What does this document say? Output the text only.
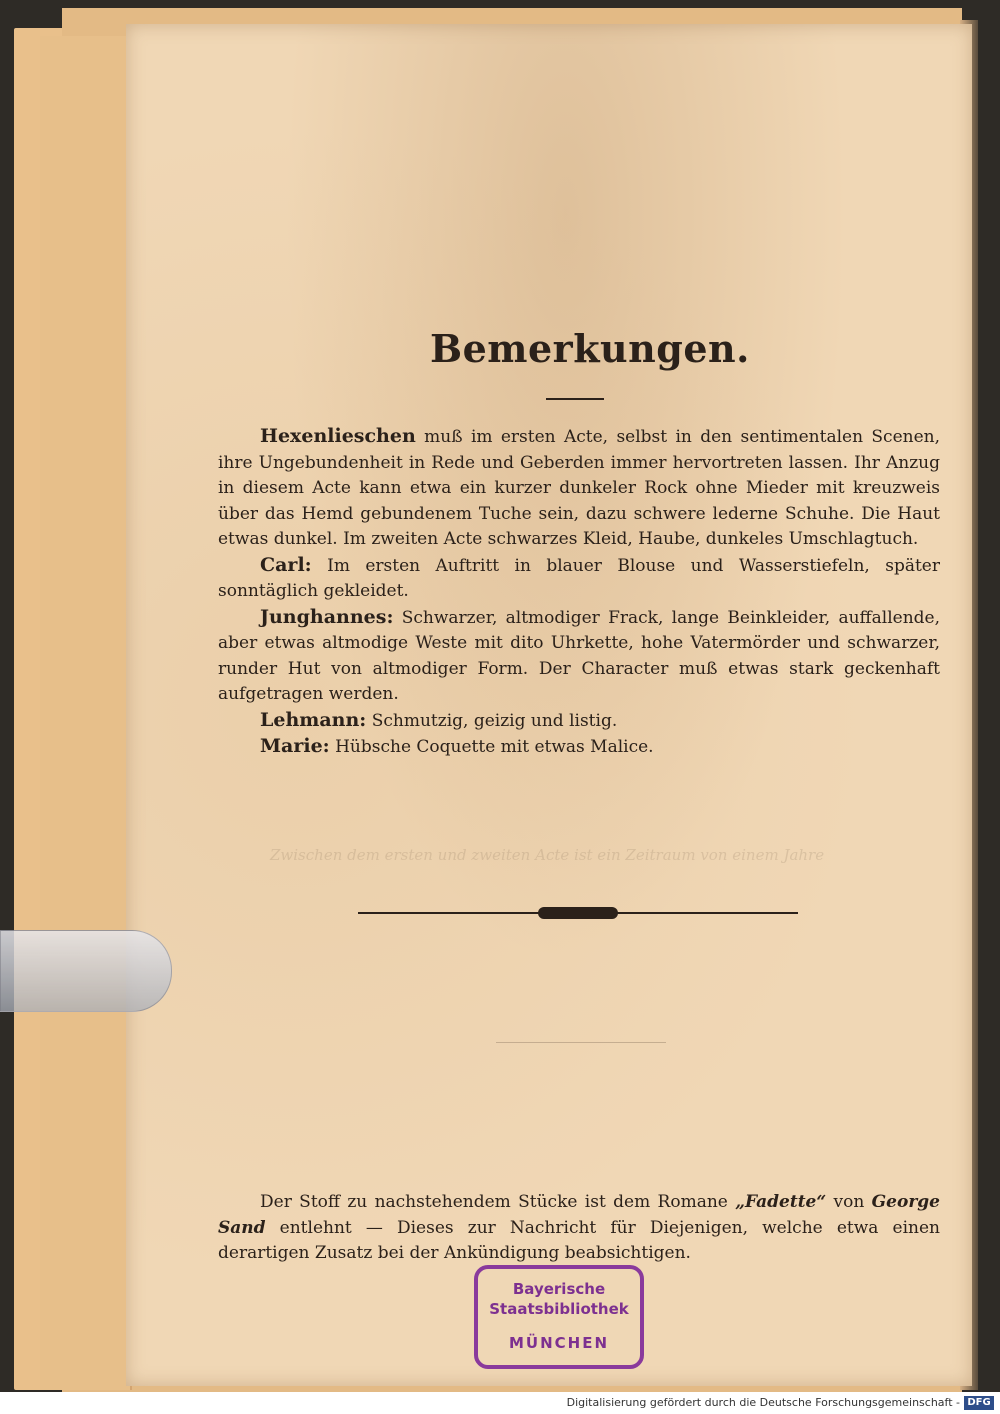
Bemerkungen.

Hexenlieschen muß im ersten Acte, selbst in den sentimentalen Scenen, ihre Ungebundenheit in Rede und Geberden immer hervortreten lassen. Ihr Anzug in diesem Acte kann etwa ein kurzer dunkeler Rock ohne Mieder mit kreuzweis über das Hemd gebundenem Tuche sein, dazu schwere lederne Schuhe. Die Haut etwas dunkel. Im zweiten Acte schwarzes Kleid, Haube, dunkeles Umschlagtuch.

Carl: Im ersten Auftritt in blauer Blouse und Wasserstiefeln, später sonntäglich gekleidet.

Junghannes: Schwarzer, altmodiger Frack, lange Beinkleider, auffallende, aber etwas altmodige Weste mit dito Uhrkette, hohe Vatermörder und schwarzer, runder Hut von altmodiger Form. Der Character muß etwas stark geckenhaft aufgetragen werden.

Lehmann: Schmutzig, geizig und listig.

Marie: Hübsche Coquette mit etwas Malice.

Zwischen dem ersten und zweiten Acte ist ein Zeitraum von einem Jahre

Der Stoff zu nachstehendem Stücke ist dem Romane „Fadette“ von George Sand entlehnt — Dieses zur Nachricht für Diejenigen, welche etwa einen derartigen Zusatz bei der Ankündigung beabsichtigen.

Bayerische
Staatsbibliothek
MÜNCHEN
Digitalisierung gefördert durch die Deutsche Forschungsgemeinschaft - DFG
